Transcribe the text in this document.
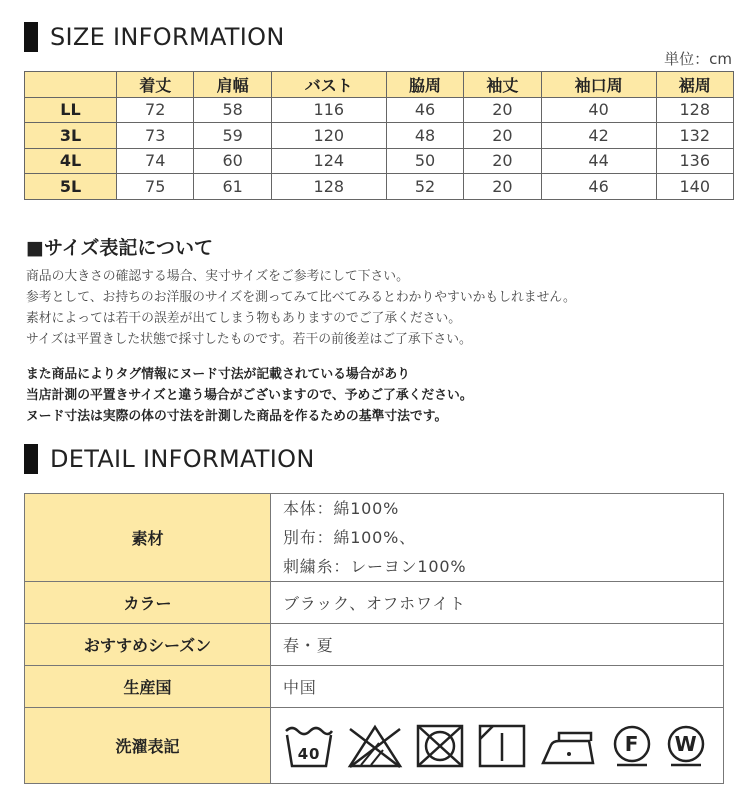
SIZE INFORMATION
単位：cm
	着丈	肩幅	バスト	脇周	袖丈	袖口周	裾周
LL	72	58	116	46	20	40	128
3L	73	59	120	48	20	42	132
4L	74	60	124	50	20	44	136
5L	75	61	128	52	20	46	140
■サイズ表記について
商品の大きさの確認する場合、実寸サイズをご参考にして下さい。
参考として、お持ちのお洋服のサイズを測ってみて比べてみるとわかりやすいかもしれません。
素材によっては若干の誤差が出てしまう物もありますのでご了承ください。
サイズは平置きした状態で採寸したものです。若干の前後差はご了承下さい。
また商品によりタグ情報にヌード寸法が記載されている場合があり
当店計測の平置きサイズと違う場合がございますので、予めご了承ください。
ヌード寸法は実際の体の寸法を計測した商品を作るための基準寸法です。
DETAIL INFORMATION
素材	本体：綿100%
別布：綿100%、
刺繍糸：レーヨン100%

カラー	ブラック、オフホワイト
おすすめシーズン	春・夏
生産国	中国
洗濯表記	40 F W
